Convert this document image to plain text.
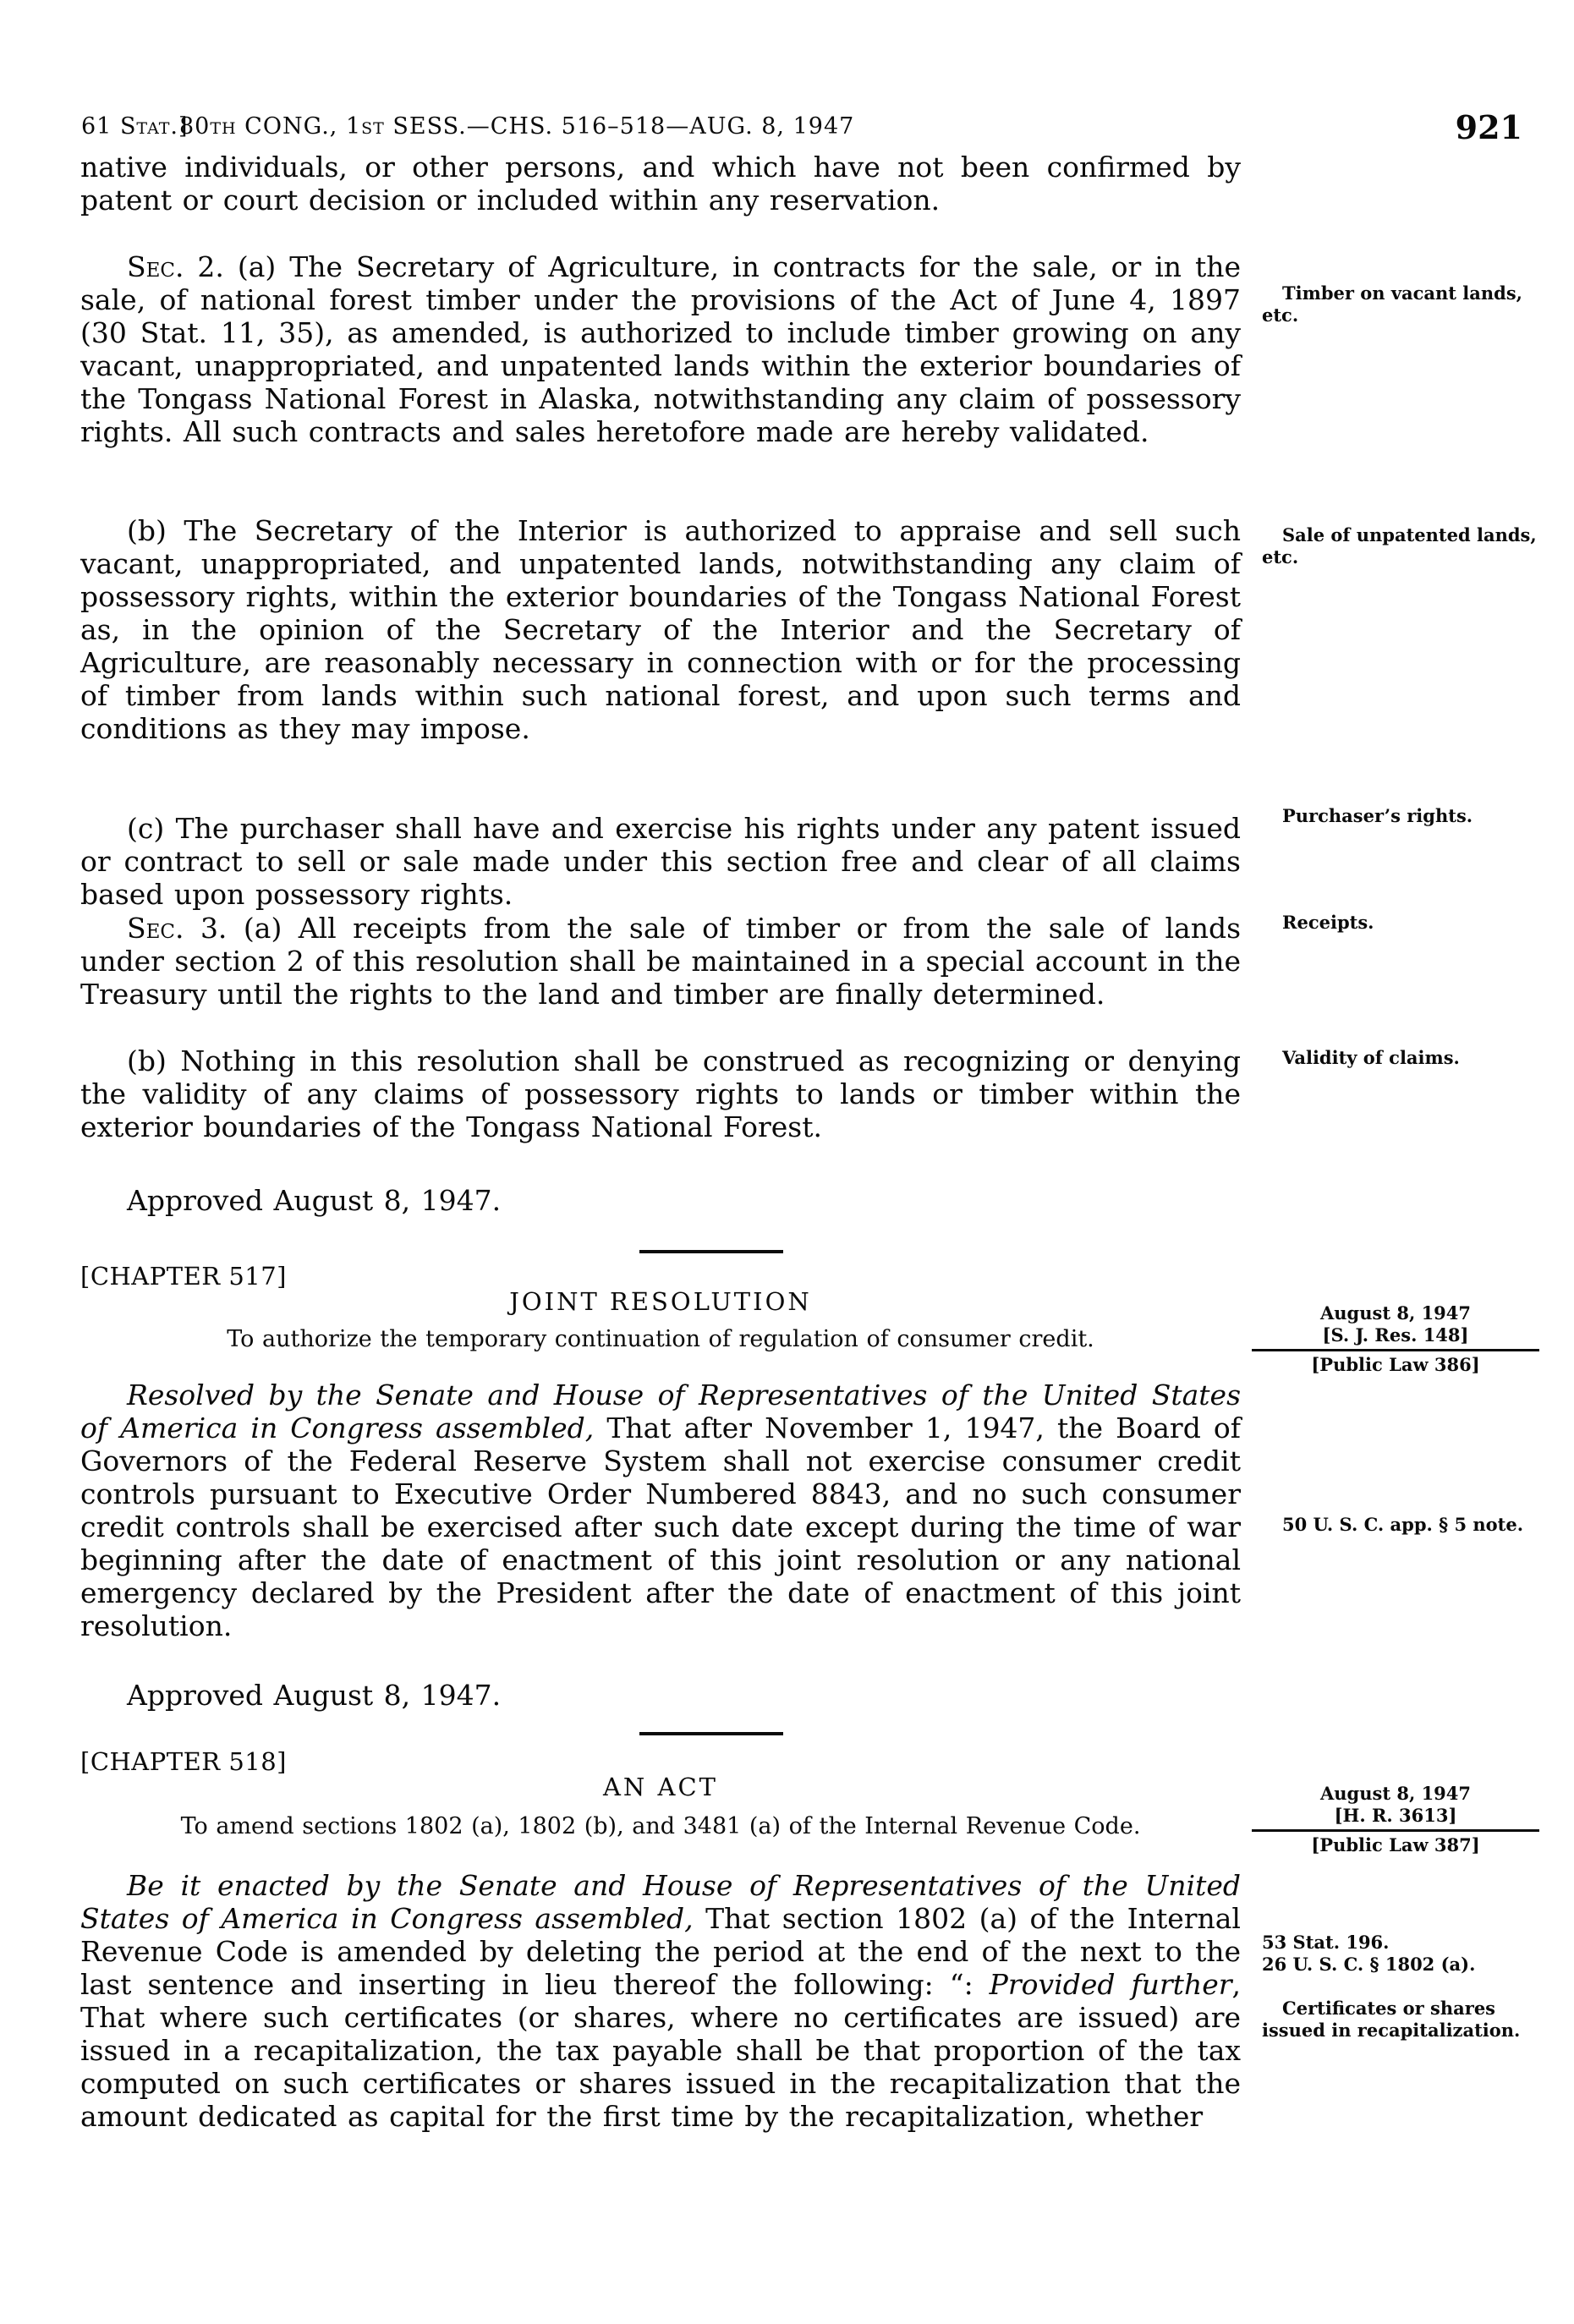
61 Stat.]
80th CONG., 1st SESS.—CHS. 516–518—AUG. 8, 1947	921

native individuals, or other persons, and which have not been confirmed by patent or court decision or included within any reservation.

Sec. 2. (a) The Secretary of Agriculture, in contracts for the sale, or in the sale, of national forest timber under the provisions of the Act of June 4, 1897 (30 Stat. 11, 35), as amended, is authorized to include timber growing on any vacant, unappropriated, and unpatented lands within the exterior boundaries of the Tongass National Forest in Alaska, notwithstanding any claim of possessory rights. All such contracts and sales heretofore made are hereby validated.

(b) The Secretary of the Interior is authorized to appraise and sell such vacant, unappropriated, and unpatented lands, notwithstanding any claim of possessory rights, within the exterior boundaries of the Tongass National Forest as, in the opinion of the Secretary of the Interior and the Secretary of Agriculture, are reasonably necessary in connection with or for the processing of timber from lands within such national forest, and upon such terms and conditions as they may impose.

(c) The purchaser shall have and exercise his rights under any patent issued or contract to sell or sale made under this section free and clear of all claims based upon possessory rights.

Sec. 3. (a) All receipts from the sale of timber or from the sale of lands under section 2 of this resolution shall be maintained in a special account in the Treasury until the rights to the land and timber are finally determined.

(b) Nothing in this resolution shall be construed as recognizing or denying the validity of any claims of possessory rights to lands or timber within the exterior boundaries of the Tongass National Forest.

Approved August 8, 1947.

[CHAPTER 517]
JOINT RESOLUTION
To authorize the temporary continuation of regulation of consumer credit.

Resolved by the Senate and House of Representatives of the United States of America in Congress assembled, That after November 1, 1947, the Board of Governors of the Federal Reserve System shall not exercise consumer credit controls pursuant to Executive Order Numbered 8843, and no such consumer credit controls shall be exercised after such date except during the time of war beginning after the date of enactment of this joint resolution or any national emergency declared by the President after the date of enactment of this joint resolution.

Approved August 8, 1947.

[CHAPTER 518]
AN ACT
To amend sections 1802 (a), 1802 (b), and 3481 (a) of the Internal Revenue Code.

Be it enacted by the Senate and House of Representatives of the United States of America in Congress assembled, That section 1802 (a) of the Internal Revenue Code is amended by deleting the period at the end of the next to the last sentence and inserting in lieu thereof the following: “: Provided further, That where such certificates (or shares, where no certificates are issued) are issued in a recapitalization, the tax payable shall be that proportion of the tax computed on such certificates or shares issued in the recapitalization that the amount dedicated as capital for the first time by the recapitalization, whether

Timber on vacant lands, etc.
Sale of unpatented lands, etc.
Purchaser’s rights.
Receipts.
Validity of claims.
August 8, 1947
[S. J. Res. 148]
[Public Law 386]
50 U. S. C. app. § 5 note.
August 8, 1947
[H. R. 3613]
[Public Law 387]
53 Stat. 196.
26 U. S. C. § 1802 (a).
Certificates or shares issued in recapitalization.
